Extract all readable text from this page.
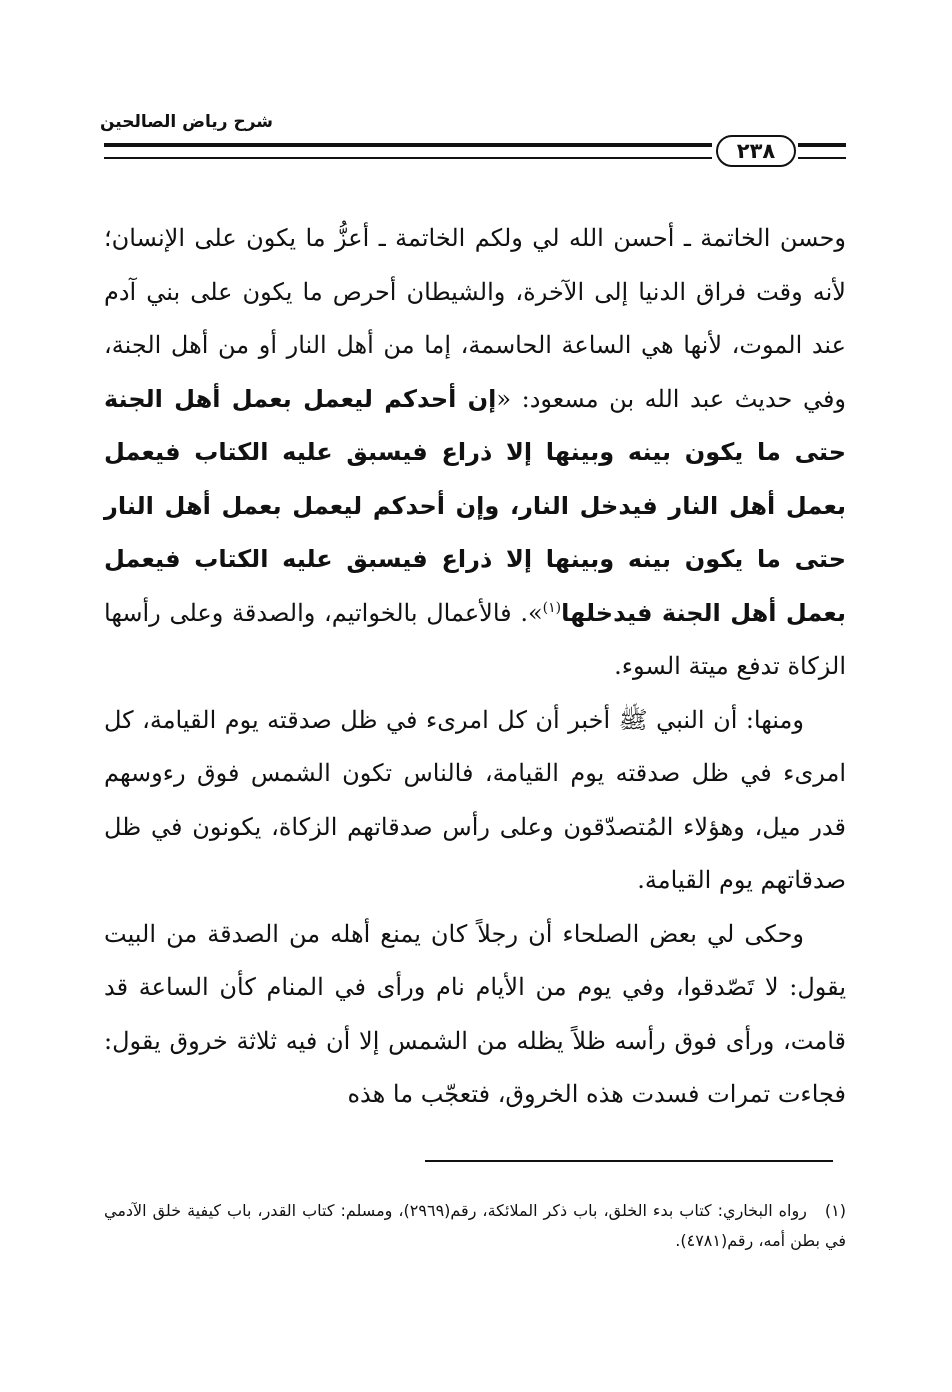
شرح رياض الصالحين
٢٣٨

وحسن الخاتمة ـ أحسن الله لي ولكم الخاتمة ـ أعزُّ ما يكون على الإنسان؛ لأنه وقت فراق الدنيا إلى الآخرة، والشيطان أحرص ما يكون على بني آدم عند الموت، لأنها هي الساعة الحاسمة، إما من أهل النار أو من أهل الجنة، وفي حديث عبد الله بن مسعود: «إن أحدكم ليعمل بعمل أهل الجنة حتى ما يكون بينه وبينها إلا ذراع فيسبق عليه الكتاب فيعمل بعمل أهل النار فيدخل النار، وإن أحدكم ليعمل بعمل أهل النار حتى ما يكون بينه وبينها إلا ذراع فيسبق عليه الكتاب فيعمل بعمل أهل الجنة فيدخلها$^{(١)}$». فالأعمال بالخواتيم، والصدقة وعلى رأسها الزكاة تدفع ميتة السوء.

ومنها: أن النبي ﷺ أخبر أن كل امرىء في ظل صدقته يوم القيامة، كل امرىء في ظل صدقته يوم القيامة، فالناس تكون الشمس فوق رءوسهم قدر ميل، وهؤلاء المُتصدّقون وعلى رأس صدقاتهم الزكاة، يكونون في ظل صدقاتهم يوم القيامة.

وحكى لي بعض الصلحاء أن رجلاً كان يمنع أهله من الصدقة من البيت يقول: لا تَصّدقوا، وفي يوم من الأيام نام ورأى في المنام كأن الساعة قد قامت، ورأى فوق رأسه ظلاً يظله من الشمس إلا أن فيه ثلاثة خروق يقول: فجاءت تمرات فسدت هذه الخروق، فتعجّب ما هذه

(١)رواه البخاري: كتاب بدء الخلق، باب ذكر الملائكة، رقم(٢٩٦٩)، ومسلم: كتاب القدر، باب كيفية خلق الآدمي في بطن أمه، رقم(٤٧٨١).
